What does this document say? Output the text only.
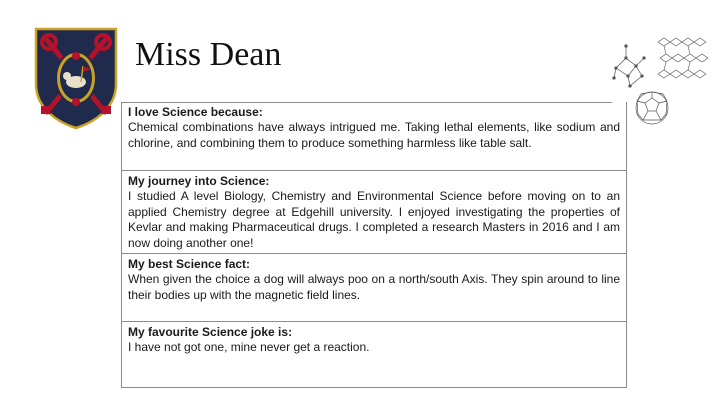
Miss Dean
I love Science because:
Chemical combinations have always intrigued me. Taking lethal elements, like sodium and chlorine, and combining them to produce something harmless like table salt.
My journey into Science:
I studied A level Biology, Chemistry and Environmental Science before moving on to an applied Chemistry degree at Edgehill university. I enjoyed investigating the properties of Kevlar and making Pharmaceutical drugs. I completed a research Masters in 2016 and I am now doing another one!
My best Science fact:
When given the choice a dog will always poo on a north/south Axis. They spin around to line their bodies up with the magnetic field lines.
My favourite Science joke is:
I have not got one, mine never get a reaction.
